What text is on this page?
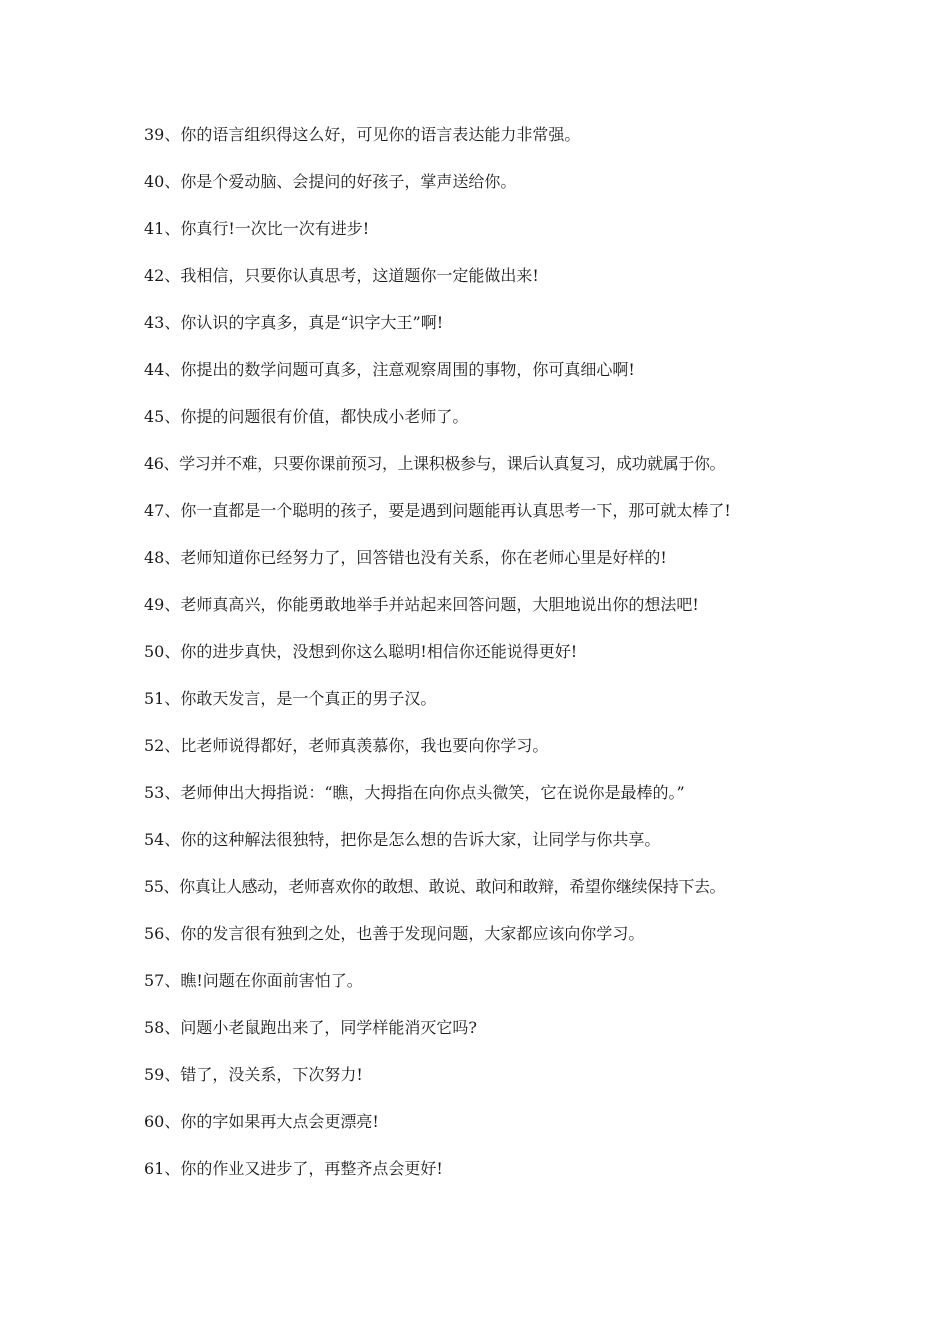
39、你的语言组织得这么好，可见你的语言表达能力非常强。

40、你是个爱动脑、会提问的好孩子，掌声送给你。

41、你真行!一次比一次有进步!

42、我相信，只要你认真思考，这道题你一定能做出来!

43、你认识的字真多，真是“识字大王”啊!

44、你提出的数学问题可真多，注意观察周围的事物，你可真细心啊!

45、你提的问题很有价值，都快成小老师了。

46、学习并不难，只要你课前预习，上课积极参与，课后认真复习，成功就属于你。

47、你一直都是一个聪明的孩子，要是遇到问题能再认真思考一下，那可就太棒了!

48、老师知道你已经努力了，回答错也没有关系，你在老师心里是好样的!

49、老师真高兴，你能勇敢地举手并站起来回答问题，大胆地说出你的想法吧!

50、你的进步真快，没想到你这么聪明!相信你还能说得更好!

51、你敢天发言，是一个真正的男子汉。

52、比老师说得都好，老师真羡慕你，我也要向你学习。

53、老师伸出大拇指说：“瞧，大拇指在向你点头微笑，它在说你是最棒的。”

54、你的这种解法很独特，把你是怎么想的告诉大家，让同学与你共享。

55、你真让人感动，老师喜欢你的敢想、敢说、敢问和敢辩，希望你继续保持下去。

56、你的发言很有独到之处，也善于发现问题，大家都应该向你学习。

57、瞧!问题在你面前害怕了。

58、问题小老鼠跑出来了，同学样能消灭它吗?

59、错了，没关系，下次努力!

60、你的字如果再大点会更漂亮!

61、你的作业又进步了，再整齐点会更好!
